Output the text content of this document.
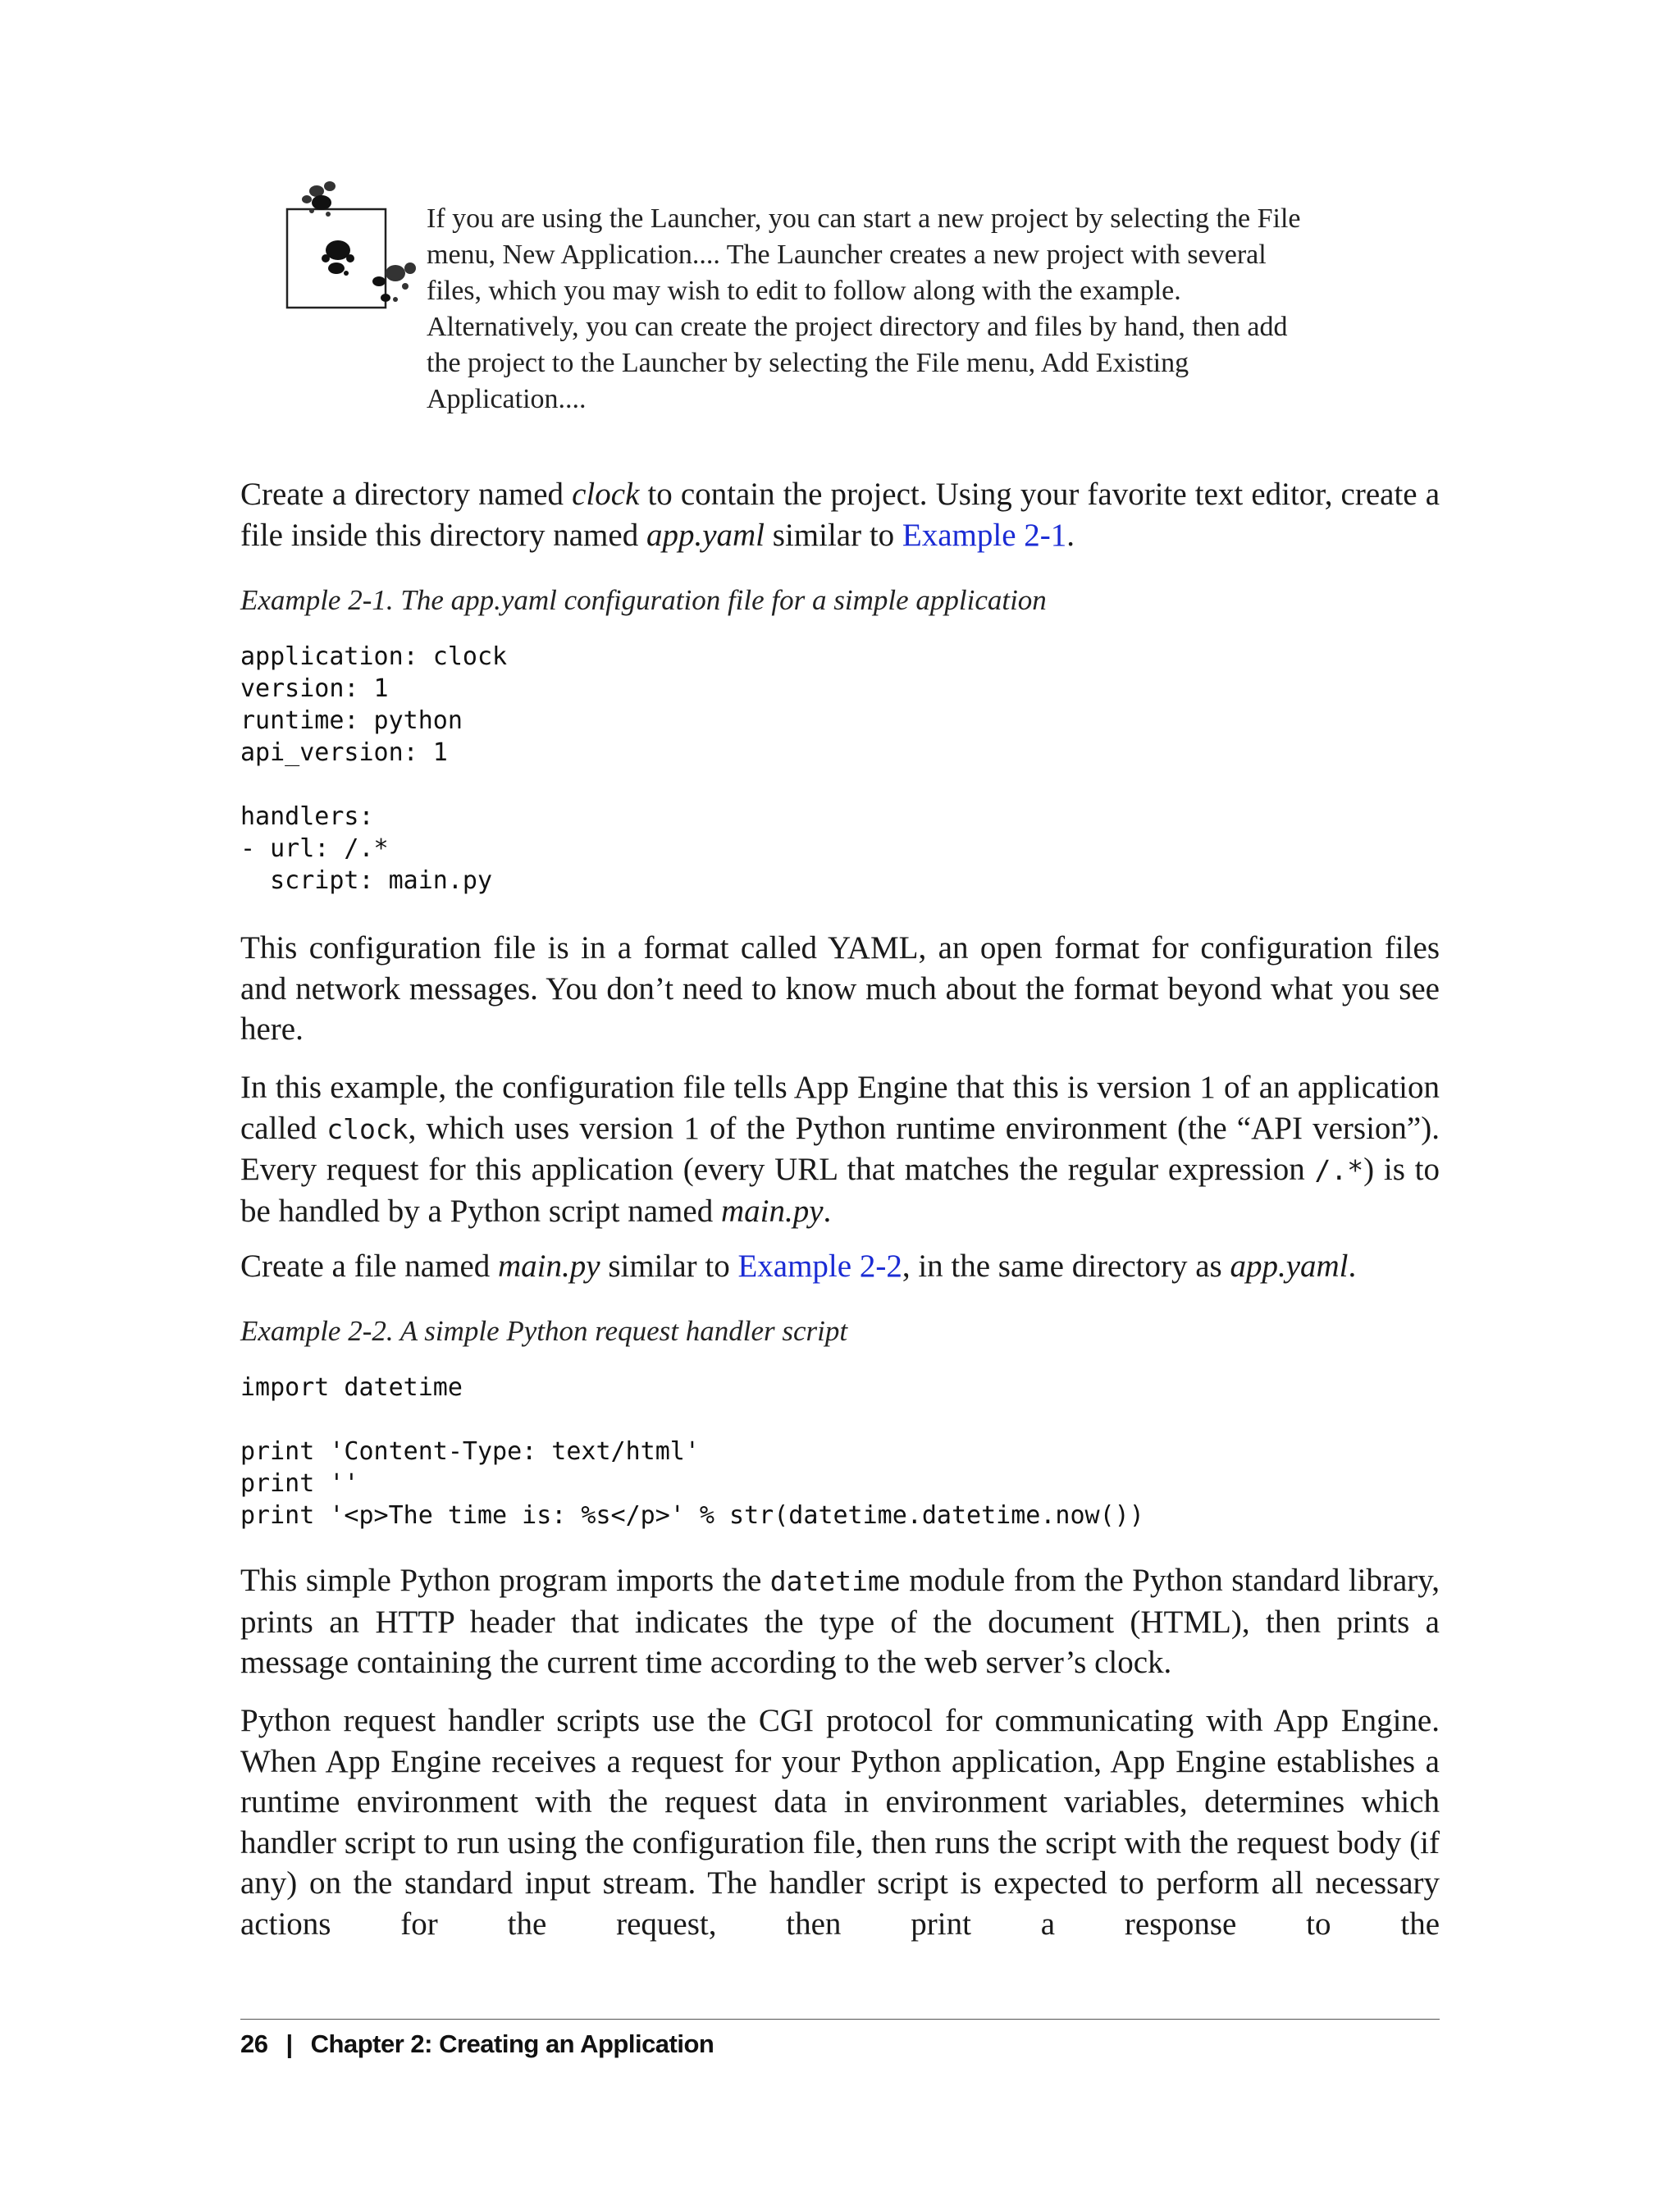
If you are using the Launcher, you can start a new project by selecting the File menu, New Application.... The Launcher creates a new project with several files, which you may wish to edit to follow along with the example. Alternatively, you can create the project directory and files by hand, then add the project to the Launcher by selecting the File menu, Add Existing Application....

Create a directory named clock to contain the project. Using your favorite text editor, create a file inside this directory named app.yaml similar to Example 2-1.

Example 2-1. The app.yaml configuration file for a simple application

application: clock
version: 1
runtime: python
api_version: 1

handlers:
- url: /.*
script: main.py

This configuration file is in a format called YAML, an open format for configuration files and network messages. You don’t need to know much about the format beyond what you see here.

In this example, the configuration file tells App Engine that this is version 1 of an application called clock, which uses version 1 of the Python runtime environment (the “API version”). Every request for this application (every URL that matches the regular expression /.*) is to be handled by a Python script named main.py.

Create a file named main.py similar to Example 2-2, in the same directory as app.yaml.

Example 2-2. A simple Python request handler script

import datetime

print 'Content-Type: text/html'
print ''
print '<p>The time is: %s</p>' % str(datetime.datetime.now())

This simple Python program imports the datetime module from the Python standard library, prints an HTTP header that indicates the type of the document (HTML), then prints a message containing the current time according to the web server’s clock.

Python request handler scripts use the CGI protocol for communicating with App Engine. When App Engine receives a request for your Python application, App Engine establishes a runtime environment with the request data in environment variables, determines which handler script to run using the configuration file, then runs the script with the request body (if any) on the standard input stream. The handler script is expected to perform all necessary actions for the request, then print a response to the

26 | Chapter 2: Creating an Application
